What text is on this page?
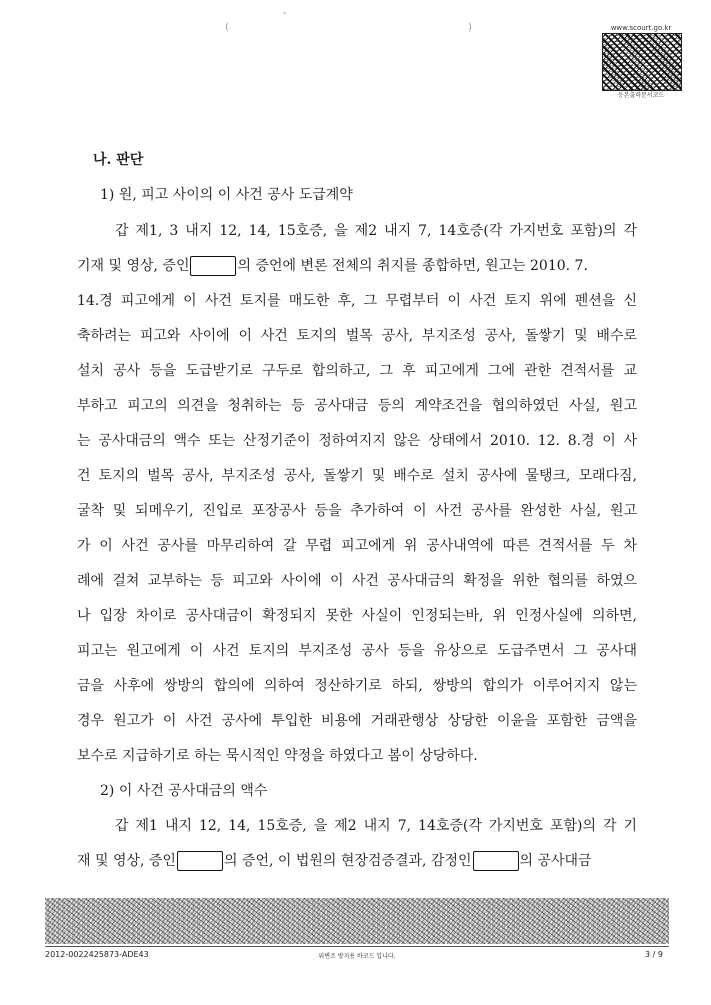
(
ˇ
)	www.scourt.go.kr
등본출력문서코드
나. 판단
1) 원, 피고 사이의 이 사건 공사 도급계약
갑 제1, 3 내지 12, 14, 15호증, 을 제2 내지 7, 14호증(각 가지번호 포함)의 각
기재 및 영상, 증인	의 증언에 변론 전체의 취지를 종합하면, 원고는 2010. 7.
14.경 피고에게 이 사건 토지를 매도한 후, 그 무렵부터 이 사건 토지 위에 펜션을 신
축하려는 피고와 사이에 이 사건 토지의 벌목 공사, 부지조성 공사, 돌쌓기 및 배수로
설치 공사 등을 도급받기로 구두로 합의하고, 그 후 피고에게 그에 관한 견적서를 교
부하고 피고의 의견을 청취하는 등 공사대금 등의 계약조건을 협의하였던 사실, 원고
는 공사대금의 액수 또는 산정기준이 정하여지지 않은 상태에서 2010. 12. 8.경 이 사
건 토지의 벌목 공사, 부지조성 공사, 돌쌓기 및 배수로 설치 공사에 물탱크, 모래다짐,
굴착 및 되메우기, 진입로 포장공사 등을 추가하여 이 사건 공사를 완성한 사실, 원고
가 이 사건 공사를 마무리하여 갈 무렵 피고에게 위 공사내역에 따른 견적서를 두 차
례에 걸쳐 교부하는 등 피고와 사이에 이 사건 공사대금의 확정을 위한 협의를 하였으
나 입장 차이로 공사대금이 확정되지 못한 사실이 인정되는바, 위 인정사실에 의하면,
피고는 원고에게 이 사건 토지의 부지조성 공사 등을 유상으로 도급주면서 그 공사대
금을 사후에 쌍방의 합의에 의하여 정산하기로 하되, 쌍방의 합의가 이루어지지 않는
경우 원고가 이 사건 공사에 투입한 비용에 거래관행상 상당한 이윤을 포함한 금액을
보수로 지급하기로 하는 묵시적인 약정을 하였다고 봄이 상당하다.
2) 이 사건 공사대금의 액수
갑 제1 내지 12, 14, 15호증, 을 제2 내지 7, 14호증(각 가지번호 포함)의 각 기
재 및 영상, 증인	의 증언, 이 법원의 현장검증결과, 감정인	의 공사대금
위변조 방지용 바코드 입니다.
2012-0022425873-ADE43	3 / 9
